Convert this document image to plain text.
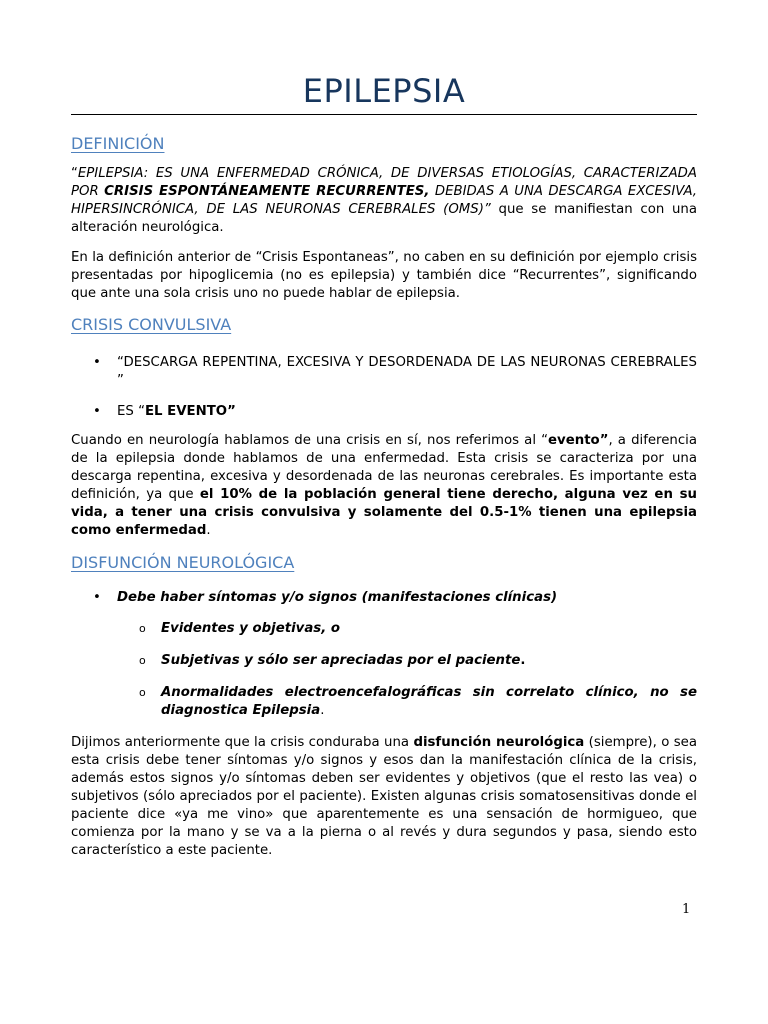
EPILEPSIA
DEFINICIÓN

“EPILEPSIA: ES UNA ENFERMEDAD CRÓNICA, DE DIVERSAS ETIOLOGÍAS, CARACTERIZADA POR CRISIS ESPONTÁNEAMENTE RECURRENTES, DEBIDAS A UNA DESCARGA EXCESIVA, HIPERSINCRÓNICA, DE LAS NEURONAS CEREBRALES (OMS)” que se manifiestan con una alteración neurológica.

En la definición anterior de “Crisis Espontaneas”, no caben en su definición por ejemplo crisis presentadas por hipoglicemia (no es epilepsia) y también dice “Recurrentes”, significando que ante una sola crisis uno no puede hablar de epilepsia.

CRISIS CONVULSIVA
• “DESCARGA REPENTINA, EXCESIVA Y DESORDENADA DE LAS NEURONAS CEREBRALES ”
• ES “EL EVENTO”

Cuando en neurología hablamos de una crisis en sí, nos referimos al “evento”, a diferencia de la epilepsia donde hablamos de una enfermedad. Esta crisis se caracteriza por una descarga repentina, excesiva y desordenada de las neuronas cerebrales. Es importante esta definición, ya que el 10% de la población general tiene derecho, alguna vez en su vida, a tener una crisis convulsiva y solamente del 0.5-1% tienen una epilepsia como enfermedad.

DISFUNCIÓN NEUROLÓGICA
• Debe haber síntomas y/o signos (manifestaciones clínicas)
o Evidentes y objetivas, o
o Subjetivas y sólo ser apreciadas por el paciente.
o Anormalidades electroencefalográficas sin correlato clínico, no se diagnostica Epilepsia.

Dijimos anteriormente que la crisis conduraba una disfunción neurológica (siempre), o sea esta crisis debe tener síntomas y/o signos y esos dan la manifestación clínica de la crisis, además estos signos y/o síntomas deben ser evidentes y objetivos (que el resto las vea) o subjetivos (sólo apreciados por el paciente). Existen algunas crisis somatosensitivas donde el paciente dice «ya me vino» que aparentemente es una sensación de hormigueo, que comienza por la mano y se va a la pierna o al revés y dura segundos y pasa, siendo esto característico a este paciente.

1
